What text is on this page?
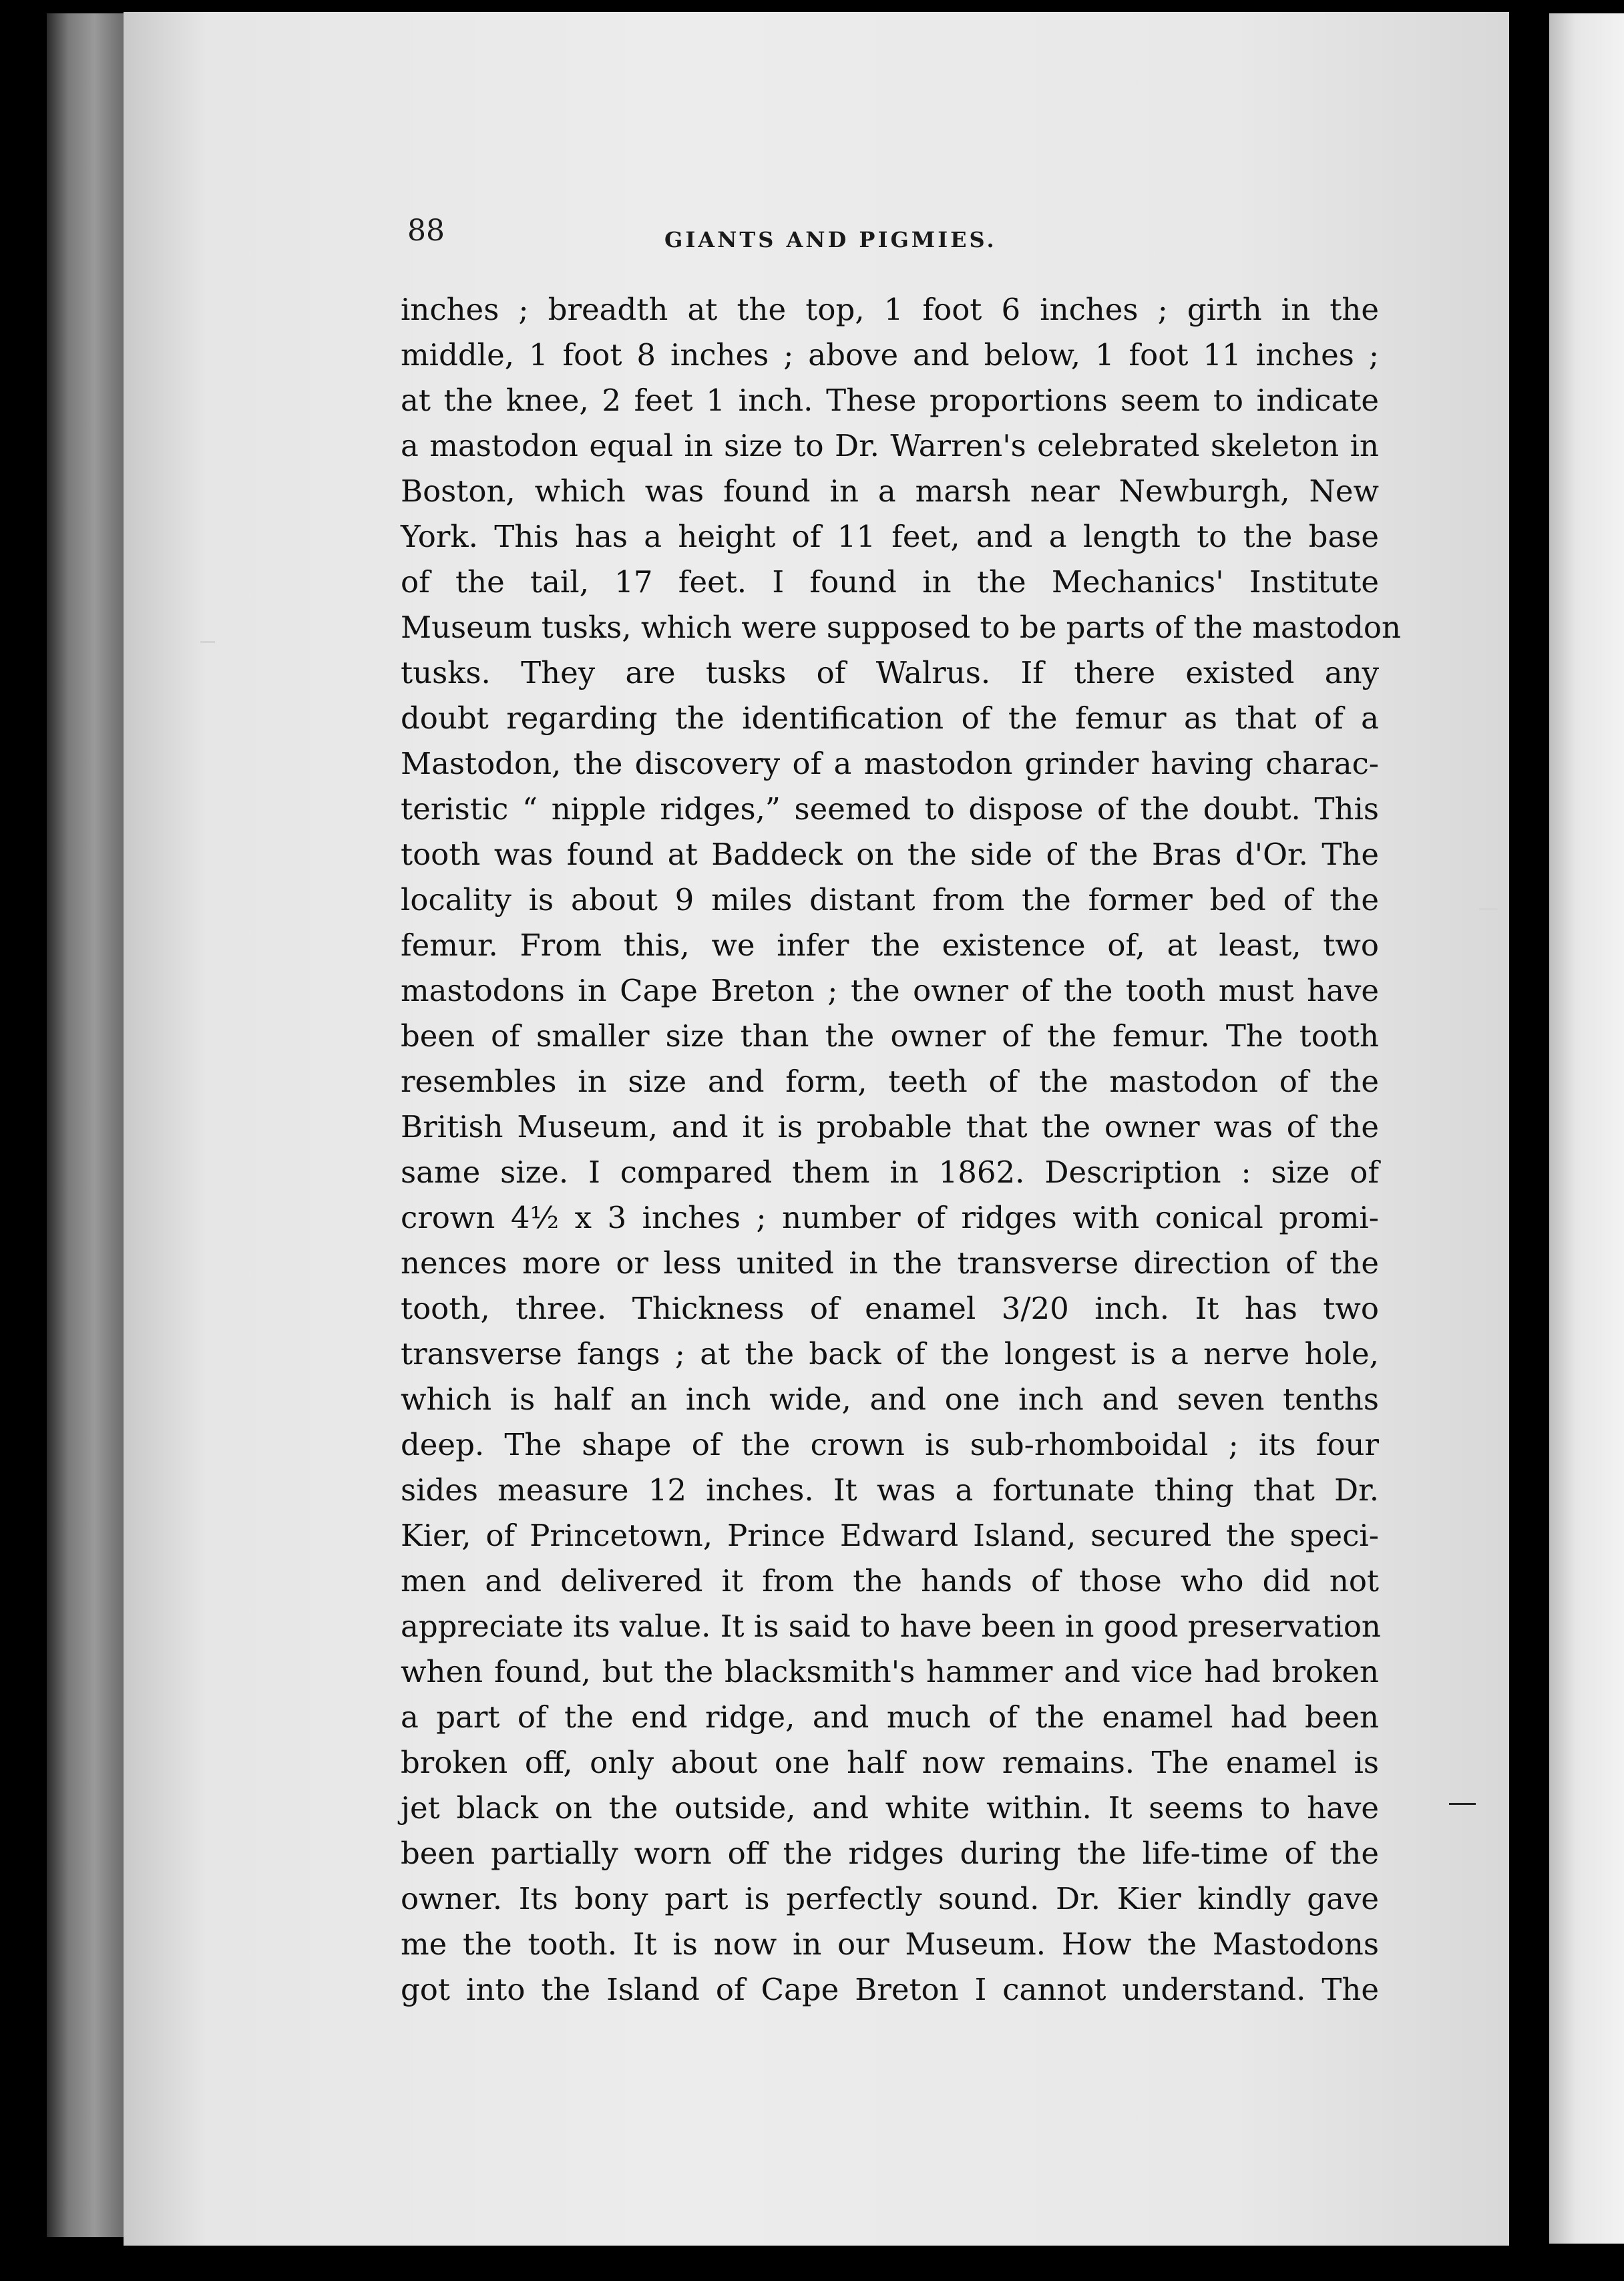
88	GIANTS AND PIGMIES.
inches ; breadth at the top, 1 foot 6 inches ; girth in the
middle, 1 foot 8 inches ; above and below, 1 foot 11 inches ;
at the knee, 2 feet 1 inch. These proportions seem to indicate
a mastodon equal in size to Dr. Warren's celebrated skeleton in
Boston, which was found in a marsh near Newburgh, New
York. This has a height of 11 feet, and a length to the base
of the tail, 17 feet. I found in the Mechanics' Institute
Museum tusks, which were supposed to be parts of the mastodon
tusks. They are tusks of Walrus. If there existed any
doubt regarding the identification of the femur as that of a
Mastodon, the discovery of a mastodon grinder having charac-
teristic “ nipple ridges,” seemed to dispose of the doubt. This
tooth was found at Baddeck on the side of the Bras d'Or. The
locality is about 9 miles distant from the former bed of the
femur. From this, we infer the existence of, at least, two
mastodons in Cape Breton ; the owner of the tooth must have
been of smaller size than the owner of the femur. The tooth
resembles in size and form, teeth of the mastodon of the
British Museum, and it is probable that the owner was of the
same size. I compared them in 1862. Description : size of
crown 4½ x 3 inches ; number of ridges with conical promi-
nences more or less united in the transverse direction of the
tooth, three. Thickness of enamel 3/20 inch. It has two
transverse fangs ; at the back of the longest is a nerve hole,
which is half an inch wide, and one inch and seven tenths
deep. The shape of the crown is sub-rhomboidal ; its four
sides measure 12 inches. It was a fortunate thing that Dr.
Kier, of Princetown, Prince Edward Island, secured the speci-
men and delivered it from the hands of those who did not
appreciate its value. It is said to have been in good preservation
when found, but the blacksmith's hammer and vice had broken
a part of the end ridge, and much of the enamel had been
broken off, only about one half now remains. The enamel is
jet black on the outside, and white within. It seems to have
been partially worn off the ridges during the life-time of the
owner. Its bony part is perfectly sound. Dr. Kier kindly gave
me the tooth. It is now in our Museum. How the Mastodons
got into the Island of Cape Breton I cannot understand. The
